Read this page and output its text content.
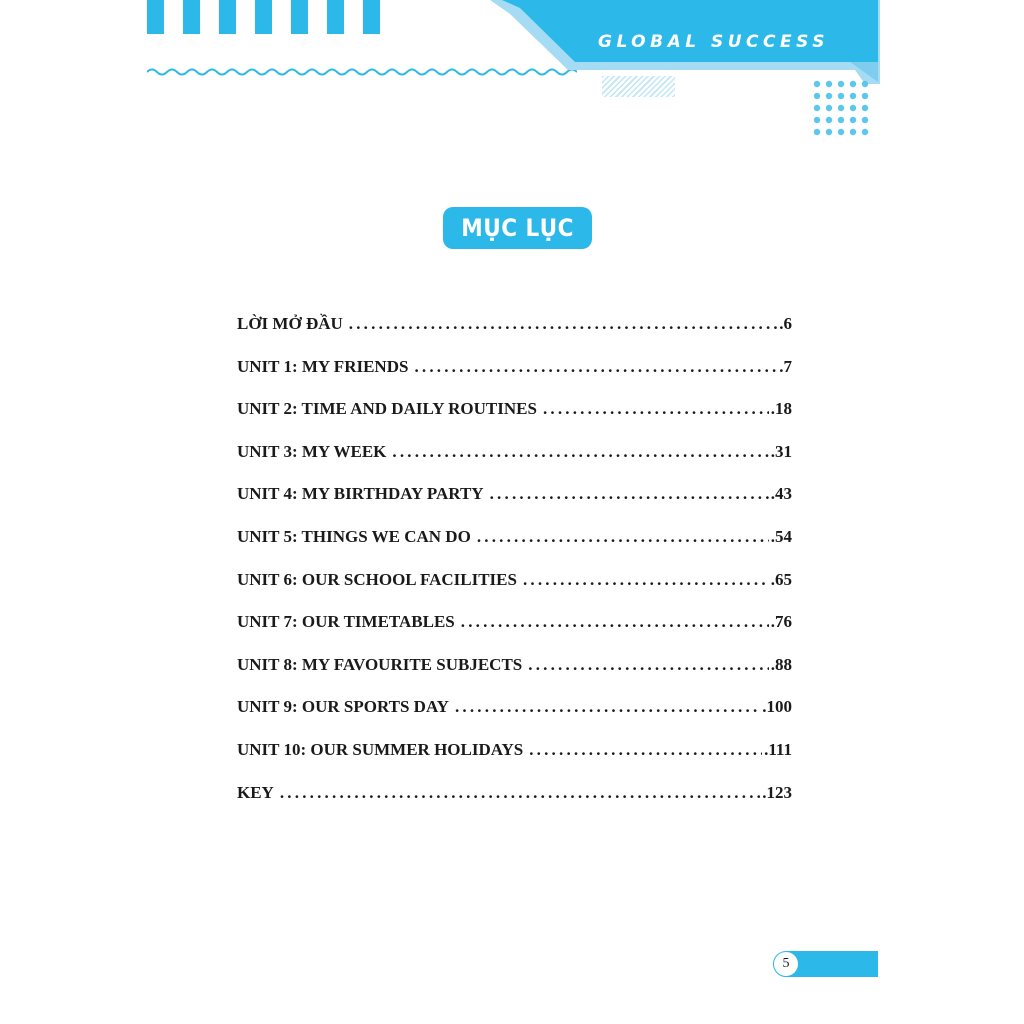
GLOBAL SUCCESS
MỤC LỤC
LỜI MỞ ĐẦU .....	.6
UNIT 1: MY FRIENDS .....	.7
UNIT 2: TIME AND DAILY ROUTINES .....	.18
UNIT 3: MY WEEK .....	.31
UNIT 4: MY BIRTHDAY PARTY .....	.43
UNIT 5: THINGS WE CAN DO .....	.54
UNIT 6: OUR SCHOOL FACILITIES .....	.65
UNIT 7: OUR TIMETABLES .....	.76
UNIT 8: MY FAVOURITE SUBJECTS .....	.88
UNIT 9: OUR SPORTS DAY .....	.100
UNIT 10: OUR SUMMER HOLIDAYS .....	.111
KEY .....	.123
5
